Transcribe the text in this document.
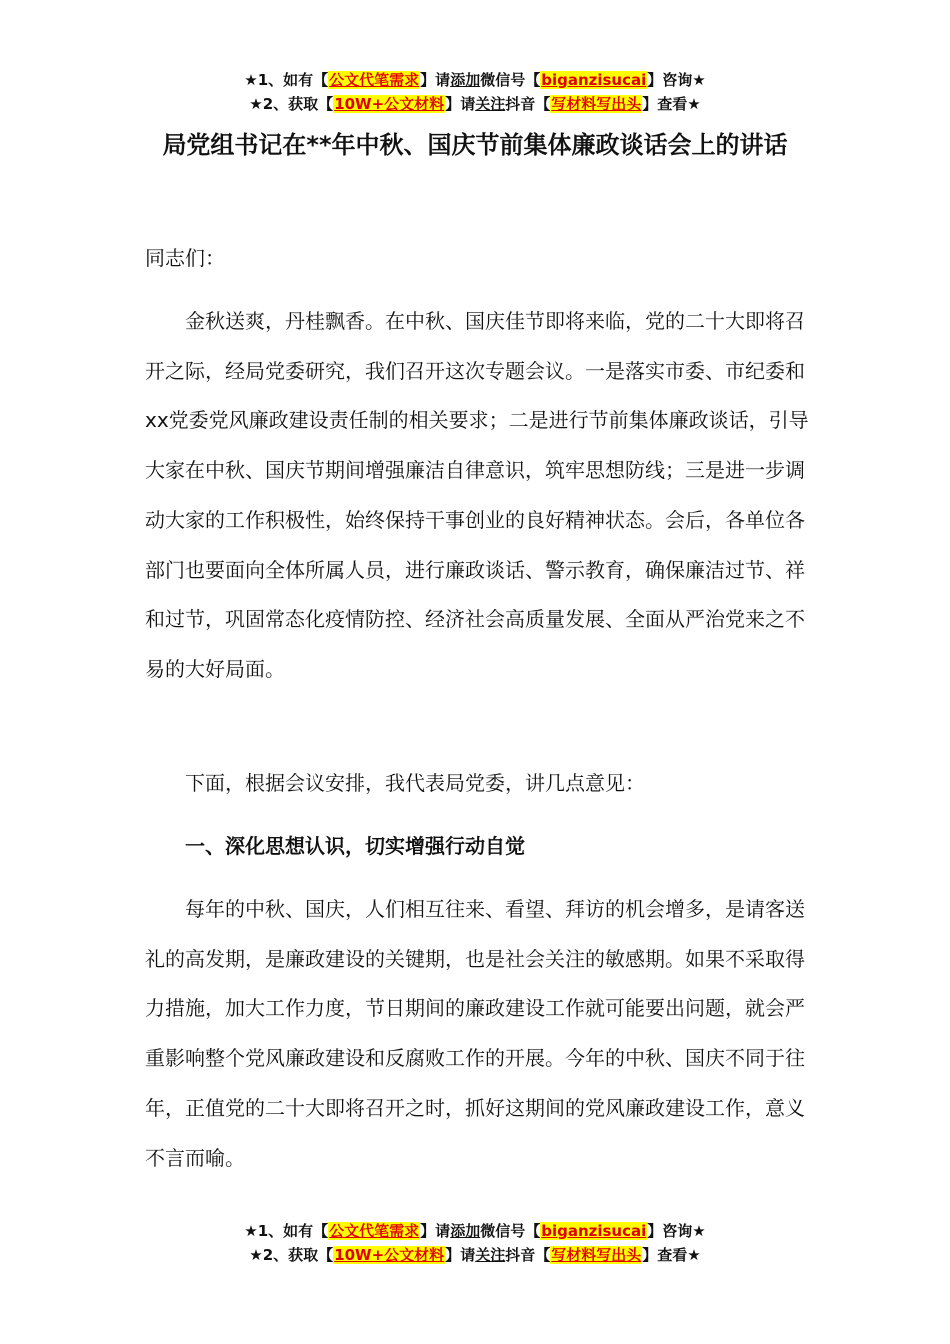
★1、如有【公文代笔需求】请添加微信号【biganzisucai】咨询★
★2、获取【10W+公文材料】请关注抖音【写材料写出头】查看★
局党组书记在**年中秋、国庆节前集体廉政谈话会上的讲话
同志们：

金秋送爽，丹桂飘香。在中秋、国庆佳节即将来临，党的二十大即将召开之际，经局党委研究，我们召开这次专题会议。一是落实市委、市纪委和xx党委党风廉政建设责任制的相关要求；二是进行节前集体廉政谈话，引导大家在中秋、国庆节期间增强廉洁自律意识，筑牢思想防线；三是进一步调动大家的工作积极性，始终保持干事创业的良好精神状态。会后，各单位各部门也要面向全体所属人员，进行廉政谈话、警示教育，确保廉洁过节、祥和过节，巩固常态化疫情防控、经济社会高质量发展、全面从严治党来之不易的大好局面。

下面，根据会议安排，我代表局党委，讲几点意见：

一、深化思想认识，切实增强行动自觉

每年的中秋、国庆，人们相互往来、看望、拜访的机会增多，是请客送礼的高发期，是廉政建设的关键期，也是社会关注的敏感期。如果不采取得力措施，加大工作力度，节日期间的廉政建设工作就可能要出问题，就会严重影响整个党风廉政建设和反腐败工作的开展。今年的中秋、国庆不同于往年，正值党的二十大即将召开之时，抓好这期间的党风廉政建设工作，意义不言而喻。

★1、如有【公文代笔需求】请添加微信号【biganzisucai】咨询★
★2、获取【10W+公文材料】请关注抖音【写材料写出头】查看★
